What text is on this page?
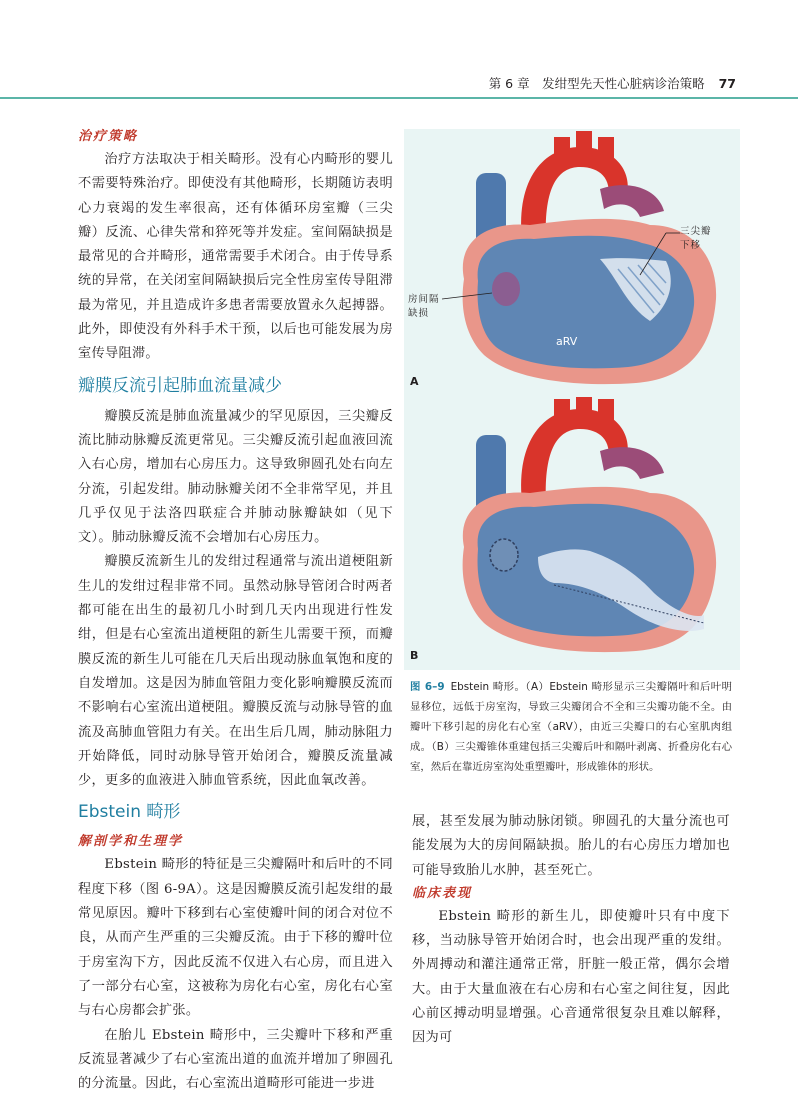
第 6 章　发绀型先天性心脏病诊治策略 77
治疗策略

治疗方法取决于相关畸形。没有心内畸形的婴儿不需要特殊治疗。即使没有其他畸形，长期随访表明心力衰竭的发生率很高，还有体循环房室瓣（三尖瓣）反流、心律失常和猝死等并发症。室间隔缺损是最常见的合并畸形，通常需要手术闭合。由于传导系统的异常，在关闭室间隔缺损后完全性房室传导阻滞最为常见，并且造成许多患者需要放置永久起搏器。此外，即使没有外科手术干预，以后也可能发展为房室传导阻滞。

瓣膜反流引起肺血流量减少

瓣膜反流是肺血流量减少的罕见原因，三尖瓣反流比肺动脉瓣反流更常见。三尖瓣反流引起血液回流入右心房，增加右心房压力。这导致卵圆孔处右向左分流，引起发绀。肺动脉瓣关闭不全非常罕见，并且几乎仅见于法洛四联症合并肺动脉瓣缺如（见下文）。肺动脉瓣反流不会增加右心房压力。

瓣膜反流新生儿的发绀过程通常与流出道梗阻新生儿的发绀过程非常不同。虽然动脉导管闭合时两者都可能在出生的最初几小时到几天内出现进行性发绀，但是右心室流出道梗阻的新生儿需要干预，而瓣膜反流的新生儿可能在几天后出现动脉血氧饱和度的自发增加。这是因为肺血管阻力变化影响瓣膜反流而不影响右心室流出道梗阻。瓣膜反流与动脉导管的血流及高肺血管阻力有关。在出生后几周，肺动脉阻力开始降低，同时动脉导管开始闭合，瓣膜反流量减少，更多的血液进入肺血管系统，因此血氧改善。

Ebstein 畸形
解剖学和生理学

Ebstein 畸形的特征是三尖瓣隔叶和后叶的不同程度下移（图 6-9A）。这是因瓣膜反流引起发绀的最常见原因。瓣叶下移到右心室使瓣叶间的闭合对位不良，从而产生严重的三尖瓣反流。由于下移的瓣叶位于房室沟下方，因此反流不仅进入右心房，而且进入了一部分右心室，这被称为房化右心室，房化右心室与右心房都会扩张。

在胎儿 Ebstein 畸形中，三尖瓣叶下移和严重反流显著减少了右心室流出道的血流并增加了卵圆孔的分流量。因此，右心室流出道畸形可能进一步进

A
三尖瓣
下移
房间隔
缺损
aRV
B
图 6–9 Ebstein 畸形。（A）Ebstein 畸形显示三尖瓣隔叶和后叶明显移位，远低于房室沟，导致三尖瓣闭合不全和三尖瓣功能不全。由瓣叶下移引起的房化右心室（aRV），由近三尖瓣口的右心室肌肉组成。（B）三尖瓣锥体重建包括三尖瓣后叶和隔叶剥离、折叠房化右心室，然后在靠近房室沟处重塑瓣叶，形成锥体的形状。

展，甚至发展为肺动脉闭锁。卵圆孔的大量分流也可能发展为大的房间隔缺损。胎儿的右心房压力增加也可能导致胎儿水肿，甚至死亡。

临床表现

Ebstein 畸形的新生儿，即使瓣叶只有中度下移，当动脉导管开始闭合时，也会出现严重的发绀。外周搏动和灌注通常正常，肝脏一般正常，偶尔会增大。由于大量血液在右心房和右心室之间往复，因此心前区搏动明显增强。心音通常很复杂且难以解释，因为可
